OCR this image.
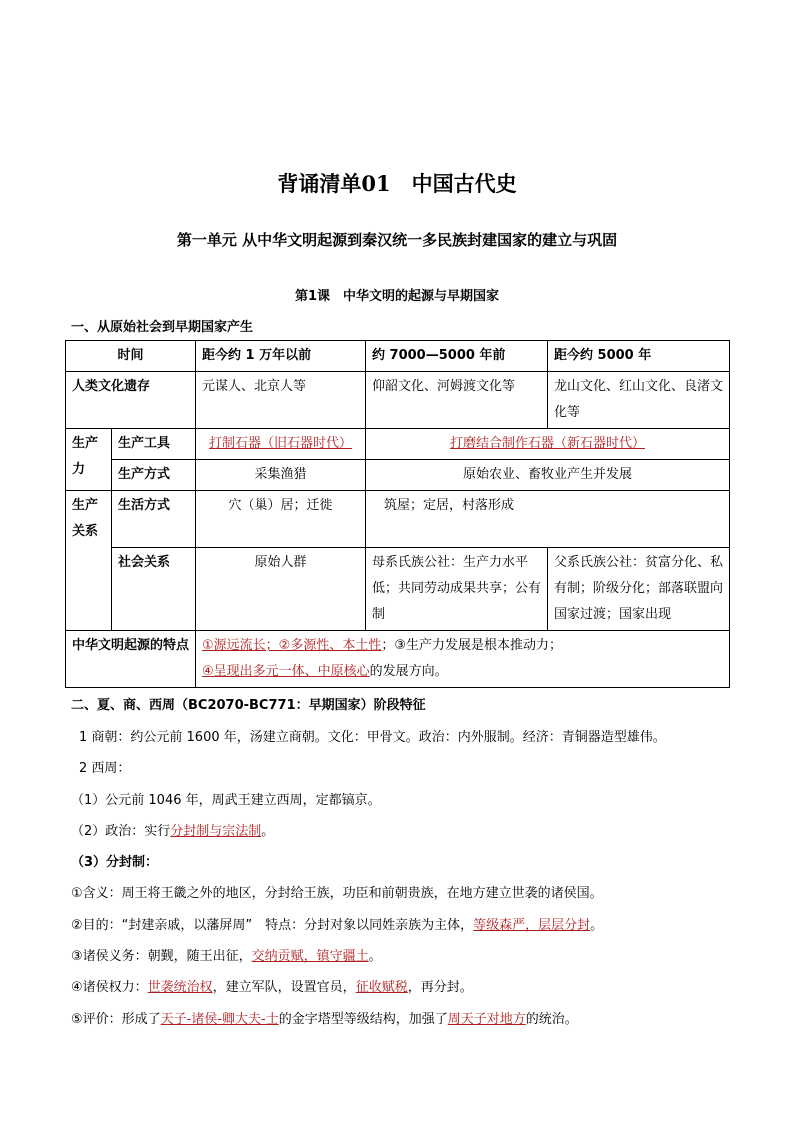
背诵清单01　中国古代史
第一单元 从中华文明起源到秦汉统一多民族封建国家的建立与巩固
第1课　中华文明的起源与早期国家
一、从原始社会到早期国家产生
时间		距今约 1 万年以前	约 7000—5000 年前	距今约 5000 年
人类文化遗存		元谋人、北京人等	仰韶文化、河姆渡文化等	龙山文化、红山文化、良渚文化等
生产力	生产工具	打制石器（旧石器时代）	打磨结合制作石器（新石器时代）	
	生产方式	采集渔猎	原始农业、畜牧业产生并发展	
生产关系	生活方式	穴（巢）居；迁徙	筑屋；定居，村落形成	
	社会关系	原始人群	母系氏族公社：生产力水平低；共同劳动成果共享；公有制	父系氏族公社：贫富分化、私有制；阶级分化；部落联盟向国家过渡；国家出现
中华文明起源的特点		①源远流长；②多源性、本土性；③生产力发展是根本推动力；
④呈现出多元一体、中原核心的发展方向。		
二、夏、商、西周（BC2070-BC771：早期国家）阶段特征
1 商朝：约公元前 1600 年，汤建立商朝。文化：甲骨文。政治：内外服制。经济：青铜器造型雄伟。
2 西周：
（1）公元前 1046 年，周武王建立西周，定都镐京。
（2）政治：实行分封制与宗法制。
（3）分封制：
①含义：周王将王畿之外的地区，分封给王族，功臣和前朝贵族，在地方建立世袭的诸侯国。
②目的：“封建亲戚，以藩屏周”　特点：分封对象以同姓亲族为主体，等级森严，层层分封。
③诸侯义务：朝觐，随王出征，交纳贡赋，镇守疆土。
④诸侯权力：世袭统治权，建立军队，设置官员，征收赋税，再分封。
⑤评价：形成了天子-诸侯-卿大夫-士的金字塔型等级结构，加强了周天子对地方的统治。
